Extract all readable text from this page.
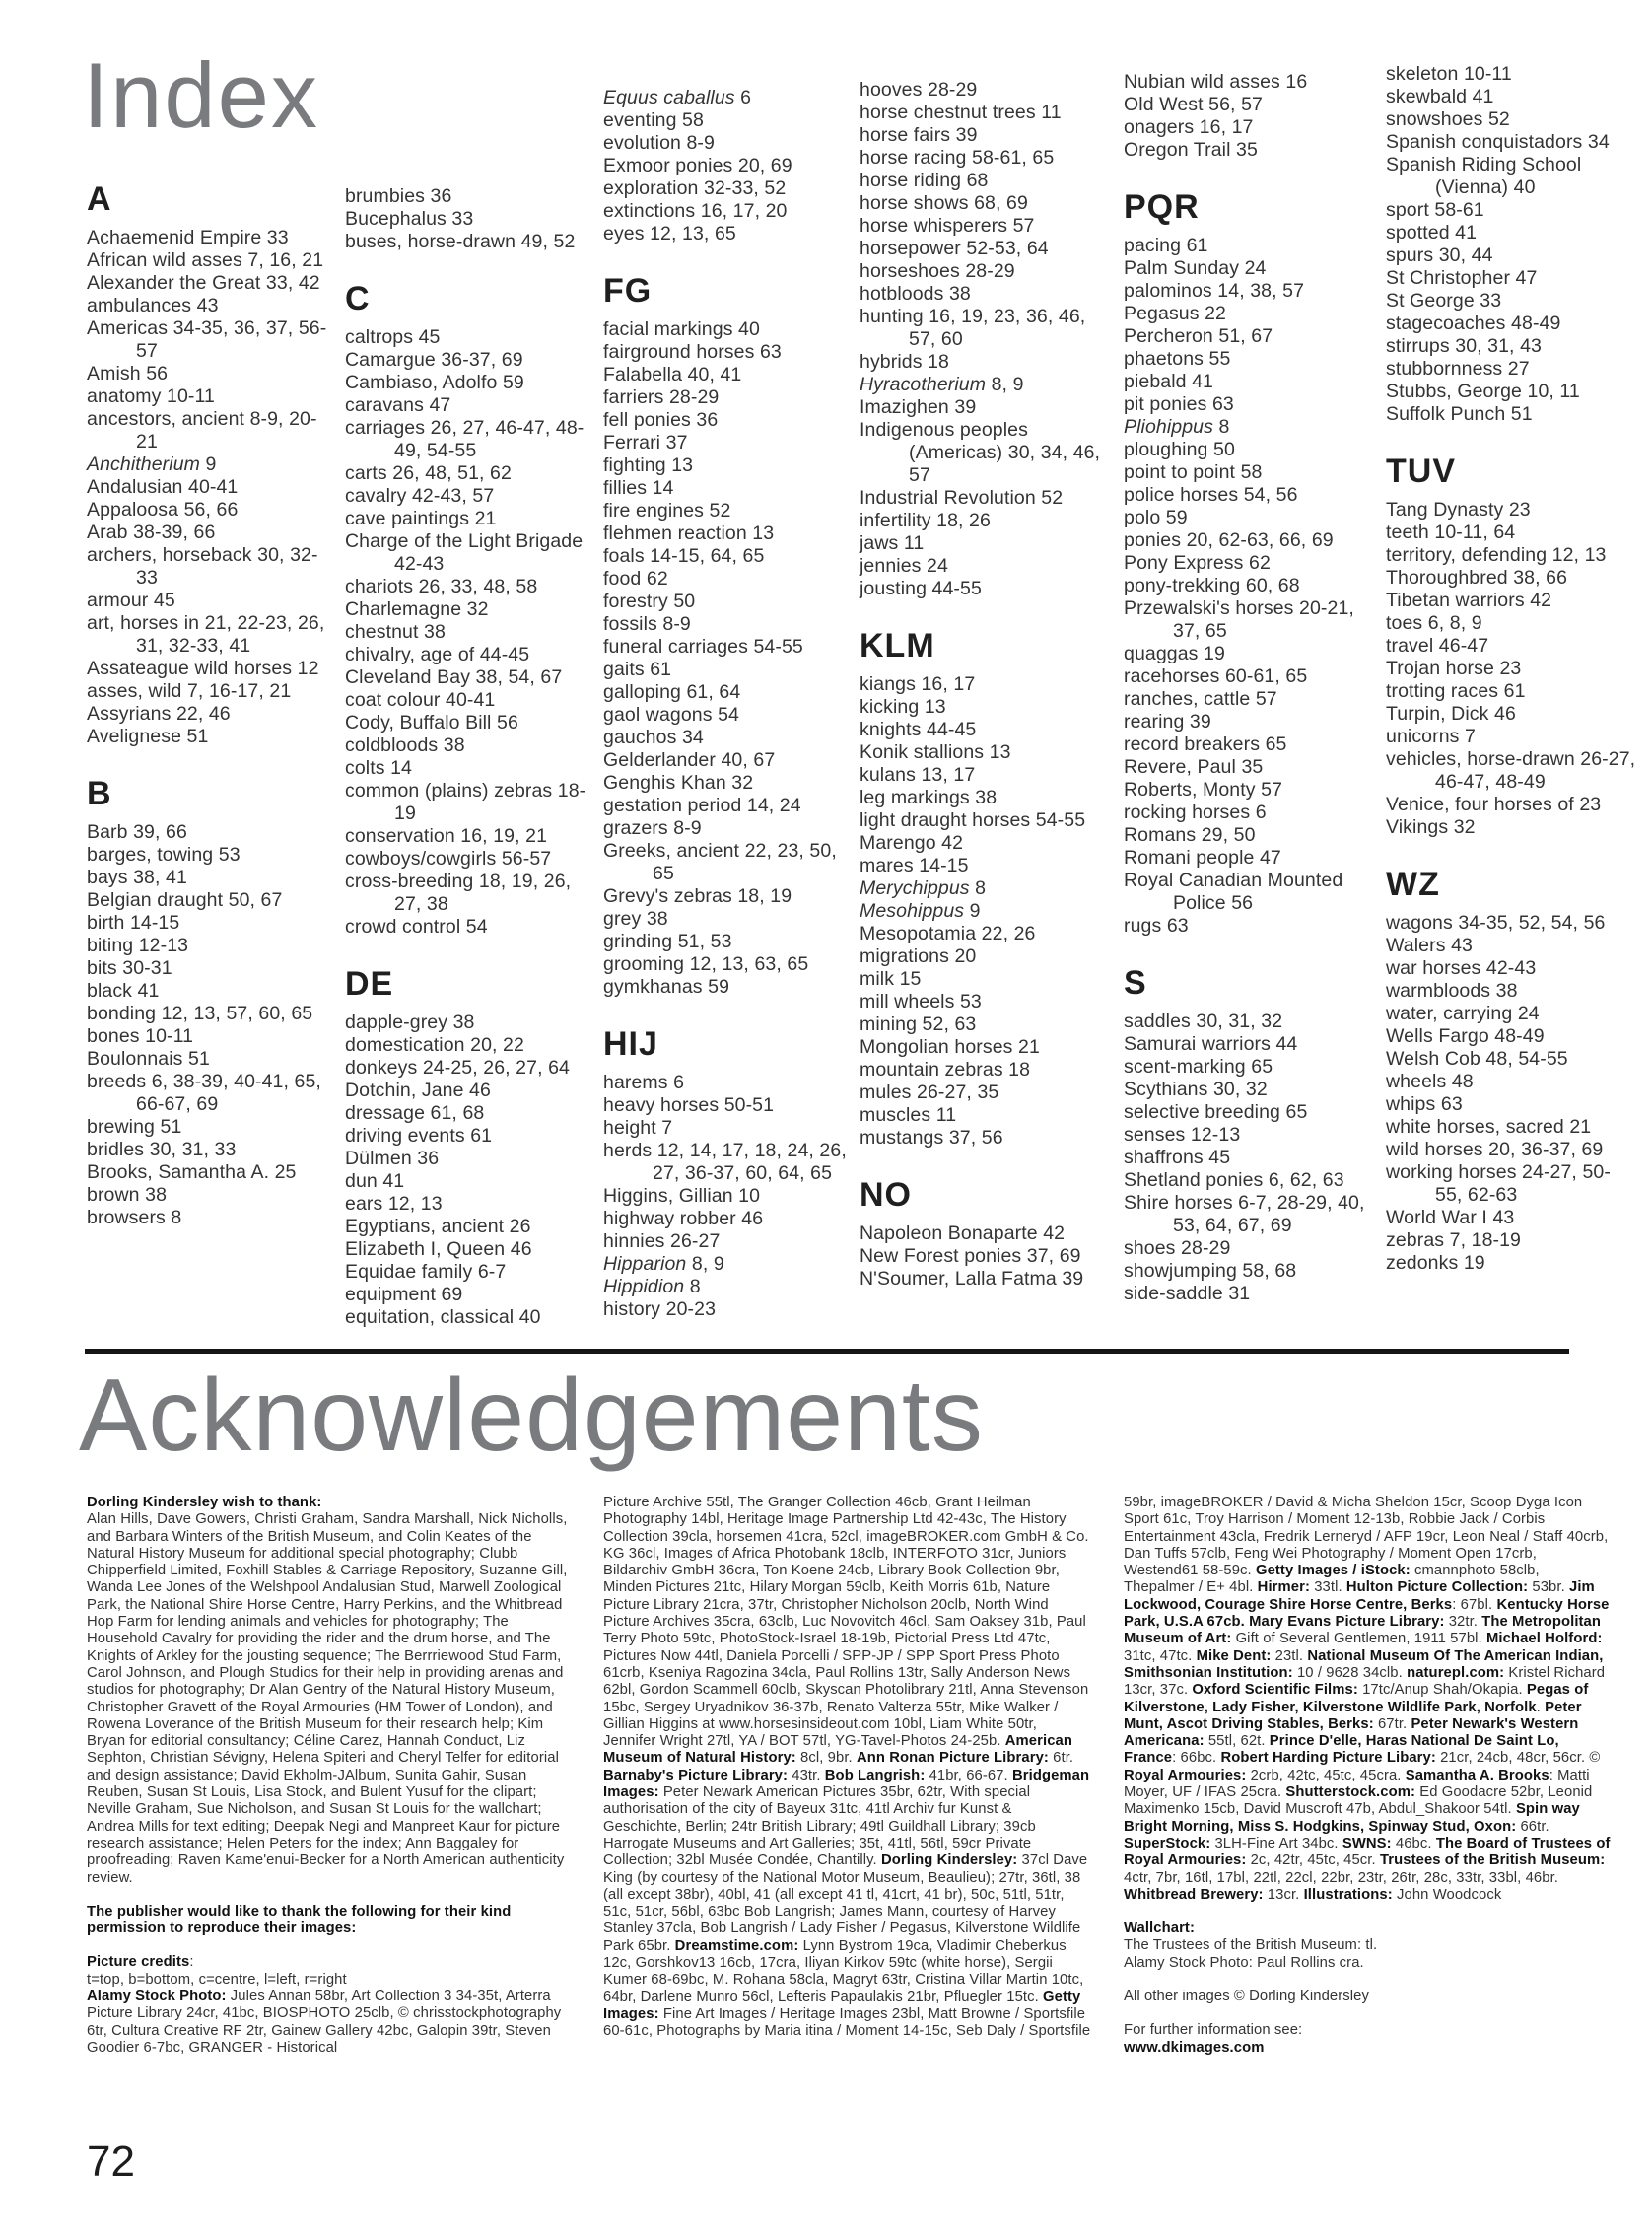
Index
A
Achaemenid Empire 33
African wild asses 7, 16, 21
Alexander the Great 33, 42
ambulances 43
Americas 34-35, 36, 37, 56-57
Amish 56
anatomy 10-11
ancestors, ancient 8-9, 20-21
Anchitherium 9
Andalusian 40-41
Appaloosa 56, 66
Arab 38-39, 66
archers, horseback 30, 32-33
armour 45
art, horses in 21, 22-23, 26, 31, 32-33, 41
Assateague wild horses 12
asses, wild 7, 16-17, 21
Assyrians 22, 46
Avelignese 51
B
Barb 39, 66
barges, towing 53
bays 38, 41
Belgian draught 50, 67
birth 14-15
biting 12-13
bits 30-31
black 41
bonding 12, 13, 57, 60, 65
bones 10-11
Boulonnais 51
breeds 6, 38-39, 40-41, 65, 66-67, 69
brewing 51
bridles 30, 31, 33
Brooks, Samantha A. 25
brown 38
browsers 8
brumbies 36
Bucephalus 33
buses, horse-drawn 49, 52
C
caltrops 45
Camargue 36-37, 69
Cambiaso, Adolfo 59
caravans 47
carriages 26, 27, 46-47, 48-49, 54-55
carts 26, 48, 51, 62
cavalry 42-43, 57
cave paintings 21
Charge of the Light Brigade 42-43
chariots 26, 33, 48, 58
Charlemagne 32
chestnut 38
chivalry, age of 44-45
Cleveland Bay 38, 54, 67
coat colour 40-41
Cody, Buffalo Bill 56
coldbloods 38
colts 14
common (plains) zebras 18-19
conservation 16, 19, 21
cowboys/cowgirls 56-57
cross-breeding 18, 19, 26, 27, 38
crowd control 54
DE
dapple-grey 38
domestication 20, 22
donkeys 24-25, 26, 27, 64
Dotchin, Jane 46
dressage 61, 68
driving events 61
Dülmen 36
dun 41
ears 12, 13
Egyptians, ancient 26
Elizabeth I, Queen 46
Equidae family 6-7
equipment 69
equitation, classical 40
Equus caballus 6
eventing 58
evolution 8-9
Exmoor ponies 20, 69
exploration 32-33, 52
extinctions 16, 17, 20
eyes 12, 13, 65
FG
facial markings 40
fairground horses 63
Falabella 40, 41
farriers 28-29
fell ponies 36
Ferrari 37
fighting 13
fillies 14
fire engines 52
flehmen reaction 13
foals 14-15, 64, 65
food 62
forestry 50
fossils 8-9
funeral carriages 54-55
gaits 61
galloping 61, 64
gaol wagons 54
gauchos 34
Gelderlander 40, 67
Genghis Khan 32
gestation period 14, 24
grazers 8-9
Greeks, ancient 22, 23, 50, 65
Grevy's zebras 18, 19
grey 38
grinding 51, 53
grooming 12, 13, 63, 65
gymkhanas 59
HIJ
harems 6
heavy horses 50-51
height 7
herds 12, 14, 17, 18, 24, 26, 27, 36-37, 60, 64, 65
Higgins, Gillian 10
highway robber 46
hinnies 26-27
Hipparion 8, 9
Hippidion 8
history 20-23
hooves 28-29
horse chestnut trees 11
horse fairs 39
horse racing 58-61, 65
horse riding 68
horse shows 68, 69
horse whisperers 57
horsepower 52-53, 64
horseshoes 28-29
hotbloods 38
hunting 16, 19, 23, 36, 46, 57, 60
hybrids 18
Hyracotherium 8, 9
Imazighen 39
Indigenous peoples (Americas) 30, 34, 46, 57
Industrial Revolution 52
infertility 18, 26
jaws 11
jennies 24
jousting 44-55
KLM
kiangs 16, 17
kicking 13
knights 44-45
Konik stallions 13
kulans 13, 17
leg markings 38
light draught horses 54-55
Marengo 42
mares 14-15
Merychippus 8
Mesohippus 9
Mesopotamia 22, 26
migrations 20
milk 15
mill wheels 53
mining 52, 63
Mongolian horses 21
mountain zebras 18
mules 26-27, 35
muscles 11
mustangs 37, 56
NO
Napoleon Bonaparte 42
New Forest ponies 37, 69
N'Soumer, Lalla Fatma 39
Nubian wild asses 16
Old West 56, 57
onagers 16, 17
Oregon Trail 35
PQR
pacing 61
Palm Sunday 24
palominos 14, 38, 57
Pegasus 22
Percheron 51, 67
phaetons 55
piebald 41
pit ponies 63
Pliohippus 8
ploughing 50
point to point 58
police horses 54, 56
polo 59
ponies 20, 62-63, 66, 69
Pony Express 62
pony-trekking 60, 68
Przewalski's horses 20-21, 37, 65
quaggas 19
racehorses 60-61, 65
ranches, cattle 57
rearing 39
record breakers 65
Revere, Paul 35
Roberts, Monty 57
rocking horses 6
Romans 29, 50
Romani people 47
Royal Canadian Mounted Police 56
rugs 63
S
saddles 30, 31, 32
Samurai warriors 44
scent-marking 65
Scythians 30, 32
selective breeding 65
senses 12-13
shaffrons 45
Shetland ponies 6, 62, 63
Shire horses 6-7, 28-29, 40, 53, 64, 67, 69
shoes 28-29
showjumping 58, 68
side-saddle 31
skeleton 10-11
skewbald 41
snowshoes 52
Spanish conquistadors 34
Spanish Riding School (Vienna) 40
sport 58-61
spotted 41
spurs 30, 44
St Christopher 47
St George 33
stagecoaches 48-49
stirrups 30, 31, 43
stubbornness 27
Stubbs, George 10, 11
Suffolk Punch 51
TUV
Tang Dynasty 23
teeth 10-11, 64
territory, defending 12, 13
Thoroughbred 38, 66
Tibetan warriors 42
toes 6, 8, 9
travel 46-47
Trojan horse 23
trotting races 61
Turpin, Dick 46
unicorns 7
vehicles, horse-drawn 26-27, 46-47, 48-49
Venice, four horses of 23
Vikings 32
WZ
wagons 34-35, 52, 54, 56
Walers 43
war horses 42-43
warmbloods 38
water, carrying 24
Wells Fargo 48-49
Welsh Cob 48, 54-55
wheels 48
whips 63
white horses, sacred 21
wild horses 20, 36-37, 69
working horses 24-27, 50-55, 62-63
World War I 43
zebras 7, 18-19
zedonks 19
Acknowledgements

Dorling Kindersley wish to thank:
Alan Hills, Dave Gowers, Christi Graham, Sandra Marshall, Nick Nicholls, and Barbara Winters of the British Museum, and Colin Keates of the Natural History Museum for additional special photography; Clubb Chipperfield Limited, Foxhill Stables & Carriage Repository, Suzanne Gill, Wanda Lee Jones of the Welshpool Andalusian Stud, Marwell Zoological Park, the National Shire Horse Centre, Harry Perkins, and the Whitbread Hop Farm for lending animals and vehicles for photography; The Household Cavalry for providing the rider and the drum horse, and The Knights of Arkley for the jousting sequence; The Berrriewood Stud Farm, Carol Johnson, and Plough Studios for their help in providing arenas and studios for photography; Dr Alan Gentry of the Natural History Museum, Christopher Gravett of the Royal Armouries (HM Tower of London), and Rowena Loverance of the British Museum for their research help; Kim Bryan for editorial consultancy; Céline Carez, Hannah Conduct, Liz Sephton, Christian Sévigny, Helena Spiteri and Cheryl Telfer for editorial and design assistance; David Ekholm-JAlbum, Sunita Gahir, Susan Reuben, Susan St Louis, Lisa Stock, and Bulent Yusuf for the clipart; Neville Graham, Sue Nicholson, and Susan St Louis for the wallchart; Andrea Mills for text editing; Deepak Negi and Manpreet Kaur for picture research assistance; Helen Peters for the index; Ann Baggaley for proofreading; Raven Kame'enui-Becker for a North American authenticity review.

The publisher would like to thank the following for their kind permission to reproduce their images:

Picture credits:
t=top, b=bottom, c=centre, l=left, r=right
Alamy Stock Photo: Jules Annan 58br, Art Collection 3 34-35t, Arterra Picture Library 24cr, 41bc, BIOSPHOTO 25clb, © chrisstockphotography 6tr, Cultura Creative RF 2tr, Gainew Gallery 42bc, Galopin 39tr, Steven Goodier 6-7bc, GRANGER - Historical

Picture Archive 55tl, The Granger Collection 46cb, Grant Heilman Photography 14bl, Heritage Image Partnership Ltd 42-43c, The History Collection 39cla, horsemen 41cra, 52cl, imageBROKER.com GmbH & Co. KG 36cl, Images of Africa Photobank 18clb, INTERFOTO 31cr, Juniors Bildarchiv GmbH 36cra, Ton Koene 24cb, Library Book Collection 9br, Minden Pictures 21tc, Hilary Morgan 59clb, Keith Morris 61b, Nature Picture Library 21cra, 37tr, Christopher Nicholson 20clb, North Wind Picture Archives 35cra, 63clb, Luc Novovitch 46cl, Sam Oaksey 31b, Paul Terry Photo 59tc, PhotoStock-Israel 18-19b, Pictorial Press Ltd 47tc, Pictures Now 44tl, Daniela Porcelli / SPP-JP / SPP Sport Press Photo 61crb, Kseniya Ragozina 34cla, Paul Rollins 13tr, Sally Anderson News 62bl, Gordon Scammell 60clb, Skyscan Photolibrary 21tl, Anna Stevenson 15bc, Sergey Uryadnikov 36-37b, Renato Valterza 55tr, Mike Walker / Gillian Higgins at www.horsesinsideout.com 10bl, Liam White 50tr, Jennifer Wright 27tl, YA / BOT 57tl, YG-Tavel-Photos 24-25b. American Museum of Natural History: 8cl, 9br. Ann Ronan Picture Library: 6tr. Barnaby's Picture Library: 43tr. Bob Langrish: 41br, 66-67. Bridgeman Images: Peter Newark American Pictures 35br, 62tr, With special authorisation of the city of Bayeux 31tc, 41tl Archiv fur Kunst & Geschichte, Berlin; 24tr British Library; 49tl Guildhall Library; 39cb Harrogate Museums and Art Galleries; 35t, 41tl, 56tl, 59cr Private Collection; 32bl Musée Condée, Chantilly. Dorling Kindersley: 37cl Dave King (by courtesy of the National Motor Museum, Beaulieu); 27tr, 36tl, 38 (all except 38br), 40bl, 41 (all except 41 tl, 41crt, 41 br), 50c, 51tl, 51tr, 51c, 51cr, 56bl, 63bc Bob Langrish; James Mann, courtesy of Harvey Stanley 37cla, Bob Langrish / Lady Fisher / Pegasus, Kilverstone Wildlife Park 65br. Dreamstime.com: Lynn Bystrom 19ca, Vladimir Cheberkus 12c, Gorshkov13 16cb, 17cra, Iliyan Kirkov 59tc (white horse), Sergii Kumer 68-69bc, M. Rohana 58cla, Magryt 63tr, Cristina Villar Martin 10tc, 64br, Darlene Munro 56cl, Lefteris Papaulakis 21br, Pfluegler 15tc. Getty Images: Fine Art Images / Heritage Images 23bl, Matt Browne / Sportsfile 60-61c, Photographs by Maria itina / Moment 14-15c, Seb Daly / Sportsfile

59br, imageBROKER / David & Micha Sheldon 15cr, Scoop Dyga Icon Sport 61c, Troy Harrison / Moment 12-13b, Robbie Jack / Corbis Entertainment 43cla, Fredrik Lerneryd / AFP 19cr, Leon Neal / Staff 40crb, Dan Tuffs 57clb, Feng Wei Photography / Moment Open 17crb, Westend61 58-59c. Getty Images / iStock: cmannphoto 58clb, Thepalmer / E+ 4bl. Hirmer: 33tl. Hulton Picture Collection: 53br. Jim Lockwood, Courage Shire Horse Centre, Berks: 67bl. Kentucky Horse Park, U.S.A 67cb. Mary Evans Picture Library: 32tr. The Metropolitan Museum of Art: Gift of Several Gentlemen, 1911 57bl. Michael Holford: 31tc, 47tc. Mike Dent: 23tl. National Museum Of The American Indian, Smithsonian Institution: 10 / 9628 34clb. naturepl.com: Kristel Richard 13cr, 37c. Oxford Scientific Films: 17tc/Anup Shah/Okapia. Pegas of Kilverstone, Lady Fisher, Kilverstone Wildlife Park, Norfolk. Peter Munt, Ascot Driving Stables, Berks: 67tr. Peter Newark's Western Americana: 55tl, 62t. Prince D'elle, Haras National De Saint Lo, France: 66bc. Robert Harding Picture Libary: 21cr, 24cb, 48cr, 56cr. © Royal Armouries: 2crb, 42tc, 45tc, 45cra. Samantha A. Brooks: Matti Moyer, UF / IFAS 25cra. Shutterstock.com: Ed Goodacre 52br, Leonid Maximenko 15cb, David Muscroft 47b, Abdul_Shakoor 54tl. Spin way Bright Morning, Miss S. Hodgkins, Spinway Stud, Oxon: 66tr. SuperStock: 3LH-Fine Art 34bc. SWNS: 46bc. The Board of Trustees of Royal Armouries: 2c, 42tr, 45tc, 45cr. Trustees of the British Museum: 4ctr, 7br, 16tl, 17bl, 22tl, 22cl, 22br, 23tr, 26tr, 28c, 33tr, 33bl, 46br. Whitbread Brewery: 13cr. Illustrations: John Woodcock

Wallchart:
The Trustees of the British Museum: tl.
Alamy Stock Photo: Paul Rollins cra.

All other images © Dorling Kindersley

For further information see:
www.dkimages.com

72
